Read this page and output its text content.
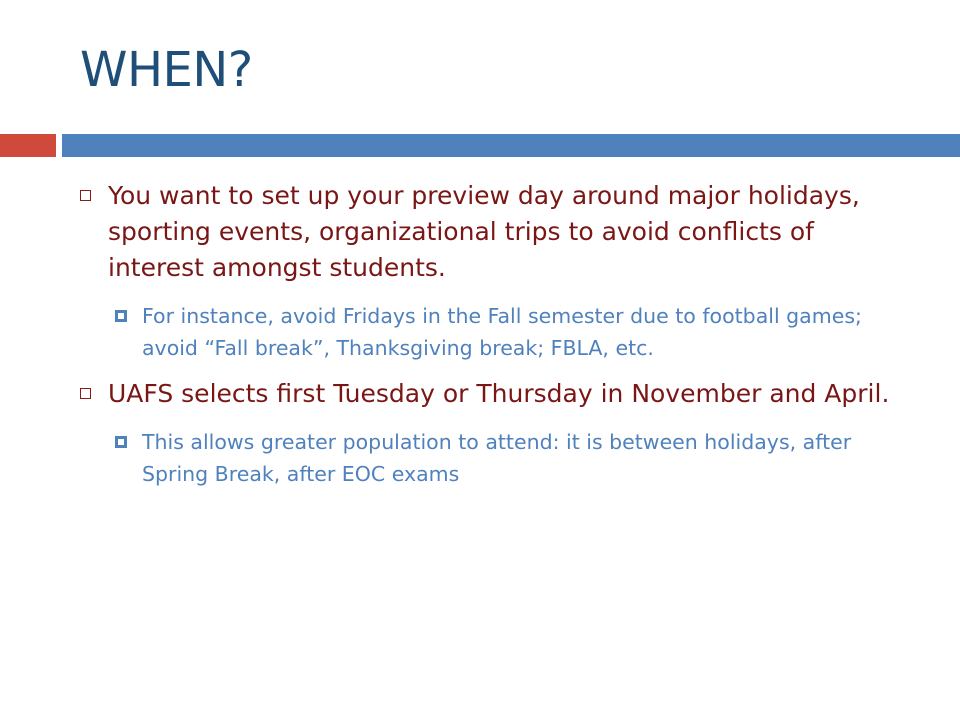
WHEN?
You want to set up your preview day around major holidays, sporting events, organizational trips to avoid conflicts of interest amongst students.
For instance, avoid Fridays in the Fall semester due to football games; avoid “Fall break”, Thanksgiving break; FBLA, etc.
UAFS selects first Tuesday or Thursday in November and April.
This allows greater population to attend: it is between holidays, after Spring Break, after EOC exams
